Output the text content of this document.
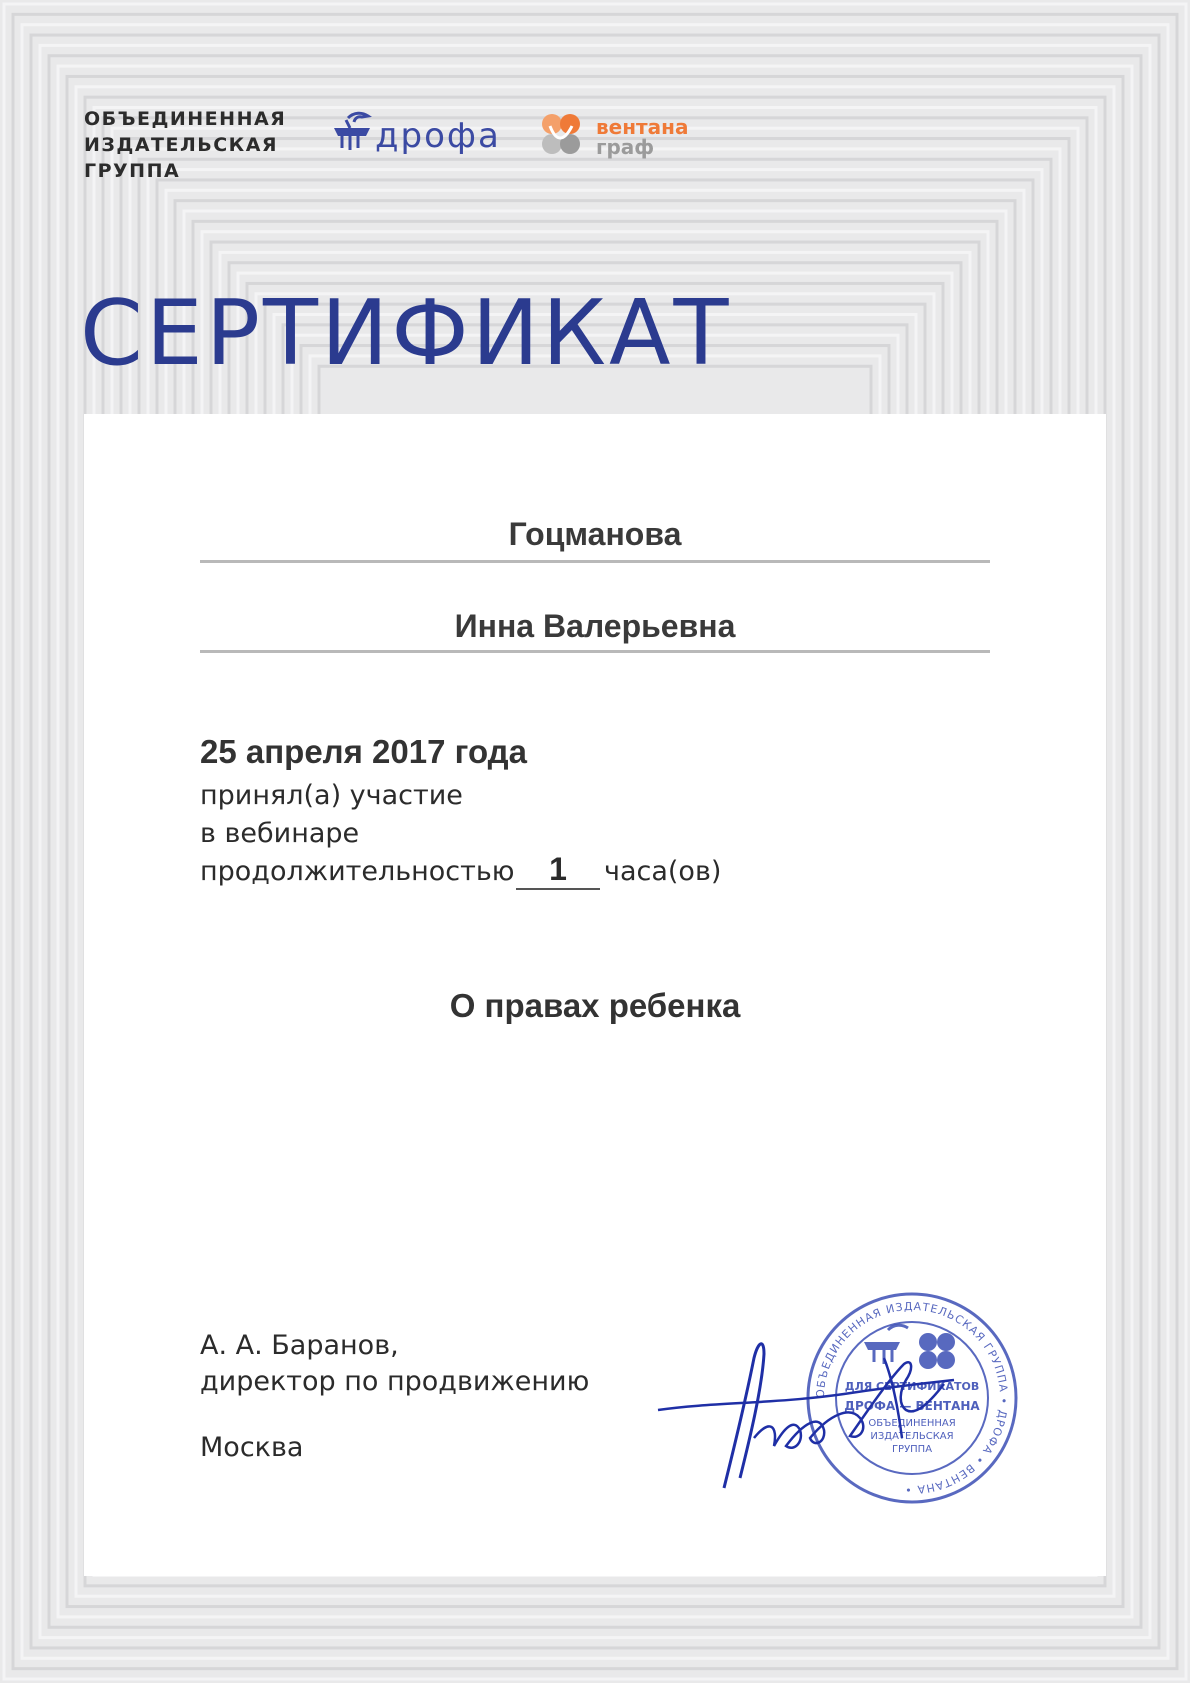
ОБЪЕДИНЕННАЯ
ИЗДАТЕЛЬСКАЯ
ГРУППА
дрофа	вентана
граф
СЕРТИФИКАТ
Гоцманова
Инна Валерьевна
25 апреля 2017 года
принял(а) участие
в вебинаре
продолжительностью	1	часа(ов)
О правах ребенка
А. А. Баранов,
директор по продвижению
Москва
ОБЪЕДИНЕННАЯ ИЗДАТЕЛЬСКАЯ ГРУППА • ДРОФА • ВЕНТАНА •
ДЛЯ СЕРТИФИКАТОВ
ДРОФА — ВЕНТАНА
ОБЪЕДИНЕННАЯ
ИЗДАТЕЛЬСКАЯ
ГРУППА
